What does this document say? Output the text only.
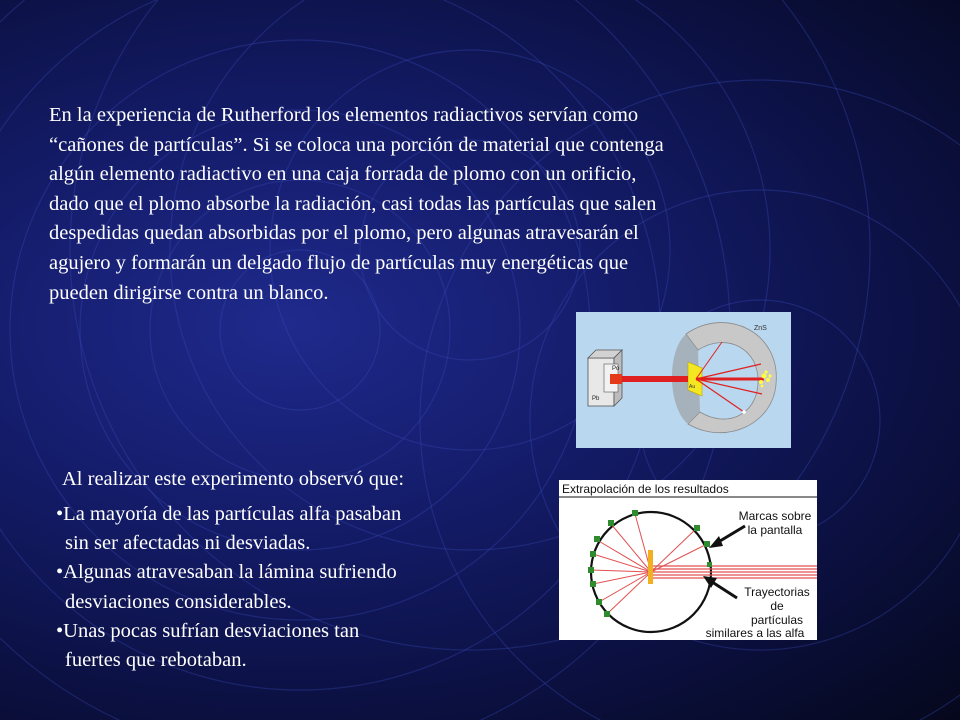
En la experiencia de Rutherford los elementos radiactivos servían como
“cañones de partículas”. Si se coloca una porción de material que contenga
algún elemento radiactivo en una caja forrada de plomo con un orificio,
dado que el plomo absorbe la radiación, casi todas las partículas que salen
despedidas quedan absorbidas por el plomo, pero algunas atravesarán el
agujero y formarán un delgado flujo de partículas muy energéticas que
pueden dirigirse contra un blanco.

ZnS
Po
Pb
Au

Al realizar este experimento observó que:

•La mayoría de las partículas alfa pasaban
sin ser afectadas ni desviadas.
•Algunas atravesaban la lámina sufriendo
desviaciones considerables.
•Unas pocas sufrían desviaciones tan
fuertes que rebotaban.
Extrapolación de los resultados
Marcas sobre
la pantalla
Trayectorias
de
partículas
similares a las alfa
